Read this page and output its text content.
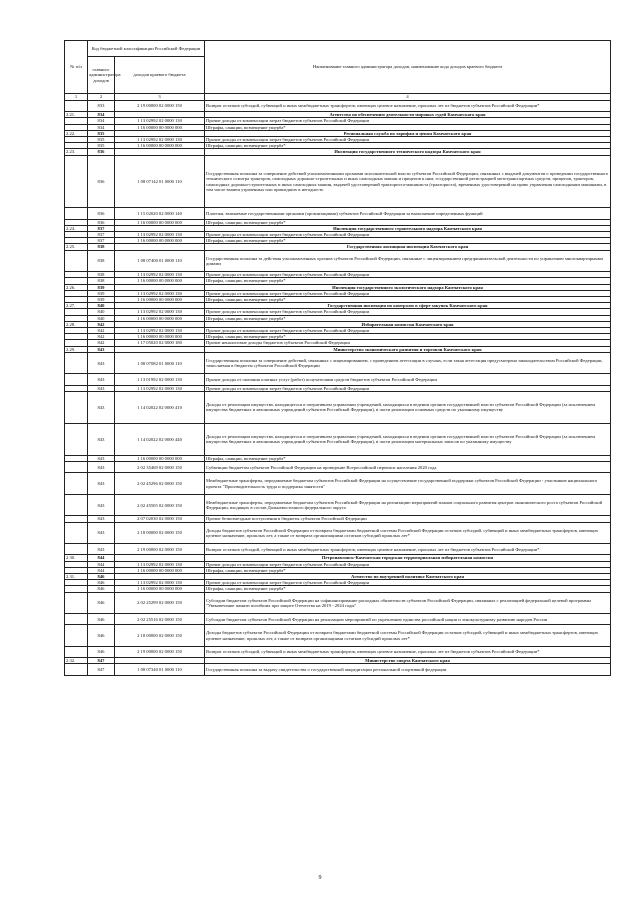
№ п/п	Код бюджетной классификации Российской Федерации		Наименование главного администратора доходов, наименование кода доходов краевого бюджета
	главного администратора доходов	доходов краевого бюджета	
1	2	3	4
	833	2 19 00000 02 0000 150	Возврат остатков субсидий, субвенций и иных межбюджетных трансфертов, имеющих целевое назначение, прошлых лет из бюджетов субъектов Российской Федерации*
2.21.	834		Агентство по обеспечению деятельности мировых судей Камчатского края
	834	1 13 02992 02 0000 130	Прочие доходы от компенсации затрат бюджетов субъектов Российской Федерации
	834	1 16 00000 00 0000 000	Штрафы, санкции, возмещение ущерба*
2.22.	835		Региональная служба по тарифам и ценам Камчатского края
	835	1 13 02992 02 0000 130	Прочие доходы от компенсации затрат бюджетов субъектов Российской Федерации
	835	1 16 00000 00 0000 000	Штрафы, санкции, возмещение ущерба*
2.23.	836		Инспекция государственного технического надзора Камчатского края
	836	1 08 07142 01 0000 110	Государственная пошлина за совершение действий уполномоченными органами исполнительной власти субъектов Российской Федерации, связанных с выдачей документов о проведении государственного технического осмотра тракторов, самоходных дорожно-строительных и иных самоходных машин и прицепов к ним, государственной регистрацией мототранспортных средств, прицепов, тракторов, самоходных дорожно-строительных и иных самоходных машин, выдачей удостоверений тракториста-машиниста (тракториста), временных удостоверений на право управления самоходными машинами, в том числе взамен утраченных или пришедших в негодность
	836	1 15 02020 02 0000 140	Платежи, взимаемые государственными органами (организациями) субъектов Российской Федерации за выполнение определенных функций
	836	1 16 00000 00 0000 000	Штрафы, санкции, возмещение ущерба*
2.24.	837		Инспекция государственного строительного надзора Камчатского края
	837	1 13 02992 02 0000 130	Прочие доходы от компенсации затрат бюджетов субъектов Российской Федерации
	837	1 16 00000 00 0000 000	Штрафы, санкции, возмещение ущерба*
2.25.	838		Государственная жилищная инспекция Камчатского края
	838	1 08 07400 01 0000 110	Государственная пошлина за действия уполномоченных органов субъектов Российской Федерации, связанные с лицензированием предпринимательской деятельности по управлению многоквартирными домами
	838	1 13 02992 02 0000 130	Прочие доходы от компенсации затрат бюджетов субъектов Российской Федерации
	838	1 16 00000 00 0000 000	Штрафы, санкции, возмещение ущерба*
2.26.	839		Инспекция государственного экологического надзора Камчатского края
	839	1 13 02992 02 0000 130	Прочие доходы от компенсации затрат бюджетов субъектов Российской Федерации
	839	1 16 00000 00 0000 000	Штрафы, санкции, возмещение ущерба*
2.27.	840		Государственная инспекция по контролю в сфере закупок Камчатского края
	840	1 13 02992 02 0000 130	Прочие доходы от компенсации затрат бюджетов субъектов Российской Федерации
	840	1 16 00000 00 0000 000	Штрафы, санкции, возмещение ущерба*
2.28.	842		Избирательная комиссия Камчатского края
	842	1 13 02992 02 0000 130	Прочие доходы от компенсации затрат бюджетов субъектов Российской Федерации
	842	1 16 00000 00 0000 000	Штрафы, санкции, возмещение ущерба*
	842	1 17 05020 02 0000 180	Прочие неналоговые доходы бюджетов субъектов Российской Федерации
2.29.	843		Министерство экономического развития и торговли Камчатского края
	843	1 08 07082 01 0000 110	Государственная пошлина за совершение действий, связанных с лицензированием, с проведением аттестации в случаях, если такая аттестация предусмотрена законодательством Российской Федерации, зачисляемая в бюджеты субъектов Российской Федерации
	843	1 13 01992 02 0000 130	Прочие доходы от оказания платных услуг (работ) получателями средств бюджетов субъектов Российской Федерации
	843	1 13 02992 02 0000 130	Прочие доходы от компенсации затрат бюджетов субъектов Российской Федерации
	843	1 14 02022 02 0000 410	Доходы от реализации имущества, находящегося в оперативном управлении учреждений, находящихся в ведении органов государственной власти субъектов Российской Федерации (за исключением имущества бюджетных и автономных учреждений субъектов Российской Федерации), в части реализации основных средств по указанному имуществу
	843	1 14 02022 02 0000 440	Доходы от реализации имущества, находящегося в оперативном управлении учреждений, находящихся в ведении органов государственной власти субъектов Российской Федерации (за исключением имущества бюджетных и автономных учреждений субъектов Российской Федерации), в части реализации материальных запасов по указанному имуществу
	843	1 16 00000 00 0000 000	Штрафы, санкции, возмещение ущерба*
	843	2 02 35469 02 0000 150	Субвенции бюджетам субъектов Российской Федерации на проведение Всероссийской переписи населения 2020 года
	843	2 02 45296 02 0000 150	Межбюджетные трансферты, передаваемые бюджетам субъектов Российской Федерации на осуществление государственной поддержки субъектов Российской Федерации - участников национального проекта "Производительность труда и поддержка занятости"
	843	2 02 45505 02 0000 150	Межбюджетные трансферты, передаваемые бюджетам субъектов Российской Федерации на реализацию мероприятий планов социального развития центров экономического роста субъектов Российской Федерации, входящих в состав Дальневосточного федерального округа
	843	2 07 02030 02 0000 150	Прочие безвозмездные поступления в бюджеты субъектов Российской Федерации
	843	2 18 00000 02 0000 150	Доходы бюджетов субъектов Российской Федерации от возврата бюджетами бюджетной системы Российской Федерации остатков субсидий, субвенций и иных межбюджетных трансфертов, имеющих целевое назначение, прошлых лет, а также от возврата организациями остатков субсидий прошлых лет*
	843	2 19 00000 02 0000 150	Возврат остатков субсидий, субвенций и иных межбюджетных трансфертов, имеющих целевое назначение, прошлых лет из бюджетов субъектов Российской Федерации*
2.30.	844		Петропавловск-Камчатская городская территориальная избирательная комиссия
	844	1 13 02992 02 0000 130	Прочие доходы от компенсации затрат бюджетов субъектов Российской Федерации
	844	1 16 00000 00 0000 000	Штрафы, санкции, возмещение ущерба*
2.31.	846		Агентство по внутренней политике Камчатского края
	846	1 13 02992 02 0000 130	Прочие доходы от компенсации затрат бюджетов субъектов Российской Федерации
	846	1 16 00000 00 0000 000	Штрафы, санкции, возмещение ущерба*
	846	2 02 25299 02 0000 150	Субсидии бюджетам субъектов Российской Федерации на софинансирование расходных обязательств субъектов Российской Федерации, связанных с реализацией федеральной целевой программы "Увековечение памяти погибших при защите Отечества на 2019 - 2024 годы"
	846	2 02 25516 02 0000 150	Субсидии бюджетам субъектов Российской Федерации на реализацию мероприятий по укреплению единства российской нации и этнокультурному развитию народов России
	846	2 18 00000 02 0000 150	Доходы бюджетов субъектов Российской Федерации от возврата бюджетами бюджетной системы Российской Федерации остатков субсидий, субвенций и иных межбюджетных трансфертов, имеющих целевое назначение, прошлых лет, а также от возврата организациями остатков субсидий прошлых лет*
	846	2 19 00000 02 0000 150	Возврат остатков субсидий, субвенций и иных межбюджетных трансфертов, имеющих целевое назначение, прошлых лет из бюджетов субъектов Российской Федерации*
2.32.	847		Министерство спорта Камчатского края
	847	1 08 07340 01 0000 110	Государственная пошлина за выдачу свидетельства о государственной аккредитации региональной спортивной федерации
9
